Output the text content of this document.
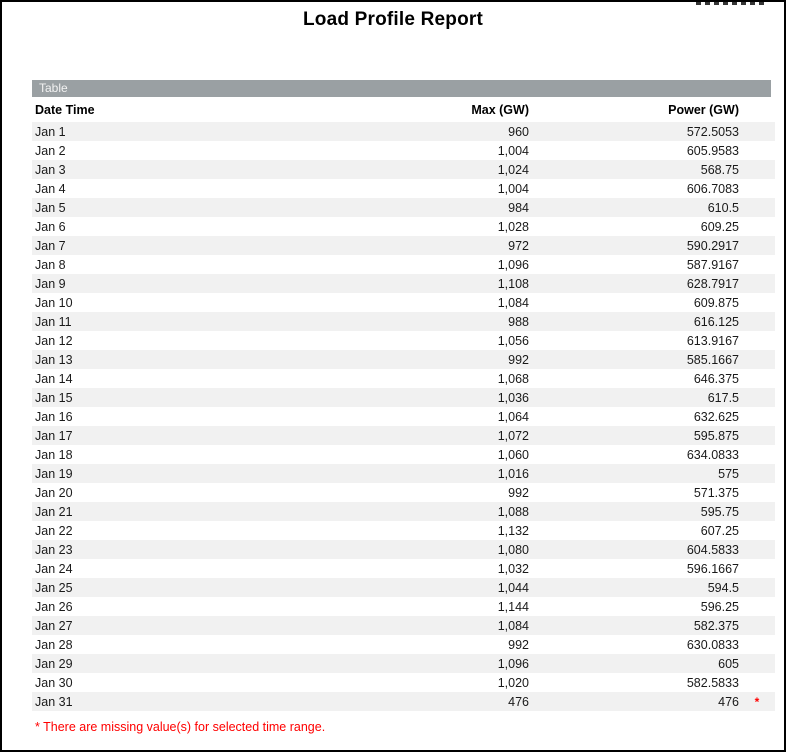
Load Profile Report
Table
Date Time	Max (GW)	Power (GW)	
Jan 1	960	572.5053	
Jan 2	1,004	605.9583	
Jan 3	1,024	568.75	
Jan 4	1,004	606.7083	
Jan 5	984	610.5	
Jan 6	1,028	609.25	
Jan 7	972	590.2917	
Jan 8	1,096	587.9167	
Jan 9	1,108	628.7917	
Jan 10	1,084	609.875	
Jan 11	988	616.125	
Jan 12	1,056	613.9167	
Jan 13	992	585.1667	
Jan 14	1,068	646.375	
Jan 15	1,036	617.5	
Jan 16	1,064	632.625	
Jan 17	1,072	595.875	
Jan 18	1,060	634.0833	
Jan 19	1,016	575	
Jan 20	992	571.375	
Jan 21	1,088	595.75	
Jan 22	1,132	607.25	
Jan 23	1,080	604.5833	
Jan 24	1,032	596.1667	
Jan 25	1,044	594.5	
Jan 26	1,144	596.25	
Jan 27	1,084	582.375	
Jan 28	992	630.0833	
Jan 29	1,096	605	
Jan 30	1,020	582.5833	
Jan 31	476	476	*
* There are missing value(s) for selected time range.
